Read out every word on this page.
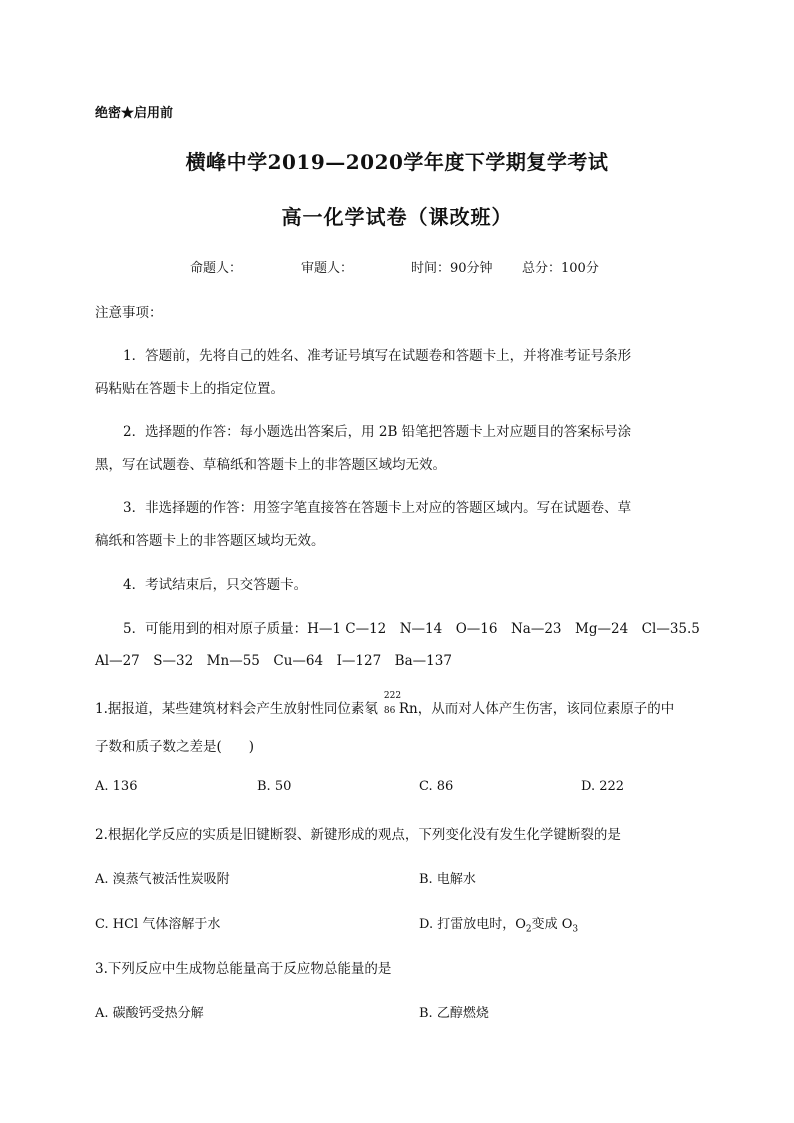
绝密★启用前
横峰中学2019—2020学年度下学期复学考试
高一化学试卷（课改班）
命题人：	审题人：	时间：90分钟 总分：100分
注意事项：
1．答题前，先将自己的姓名、准考证号填写在试题卷和答题卡上，并将准考证号条形
码粘贴在答题卡上的指定位置。
2．选择题的作答：每小题选出答案后，用 2B 铅笔把答题卡上对应题目的答案标号涂
黑，写在试题卷、草稿纸和答题卡上的非答题区域均无效。
3．非选择题的作答：用签字笔直接答在答题卡上对应的答题区域内。写在试题卷、草
稿纸和答题卡上的非答题区域均无效。
4．考试结束后，只交答题卡。
5．可能用到的相对原子质量：H—1 C—12　N—14　O—16　Na—23　Mg—24　Cl—35.5
Al—27　S—32　Mn—55　Cu—64　I—127　Ba—137
1.据报道，某些建筑材料会产生放射性同位素氡
222
86 Rn，从而对人体产生伤害，该同位素原子的中
子数和质子数之差是(　　)
A. 136	B. 50	C. 86	D. 222
2.根据化学反应的实质是旧键断裂、新键形成的观点，下列变化没有发生化学键断裂的是
A. 溴蒸气被活性炭吸附	B. 电解水
C. HCl 气体溶解于水	D. 打雷放电时，$O_2$变成 $O_3$
3.下列反应中生成物总能量高于反应物总能量的是
A. 碳酸钙受热分解	B. 乙醇燃烧
